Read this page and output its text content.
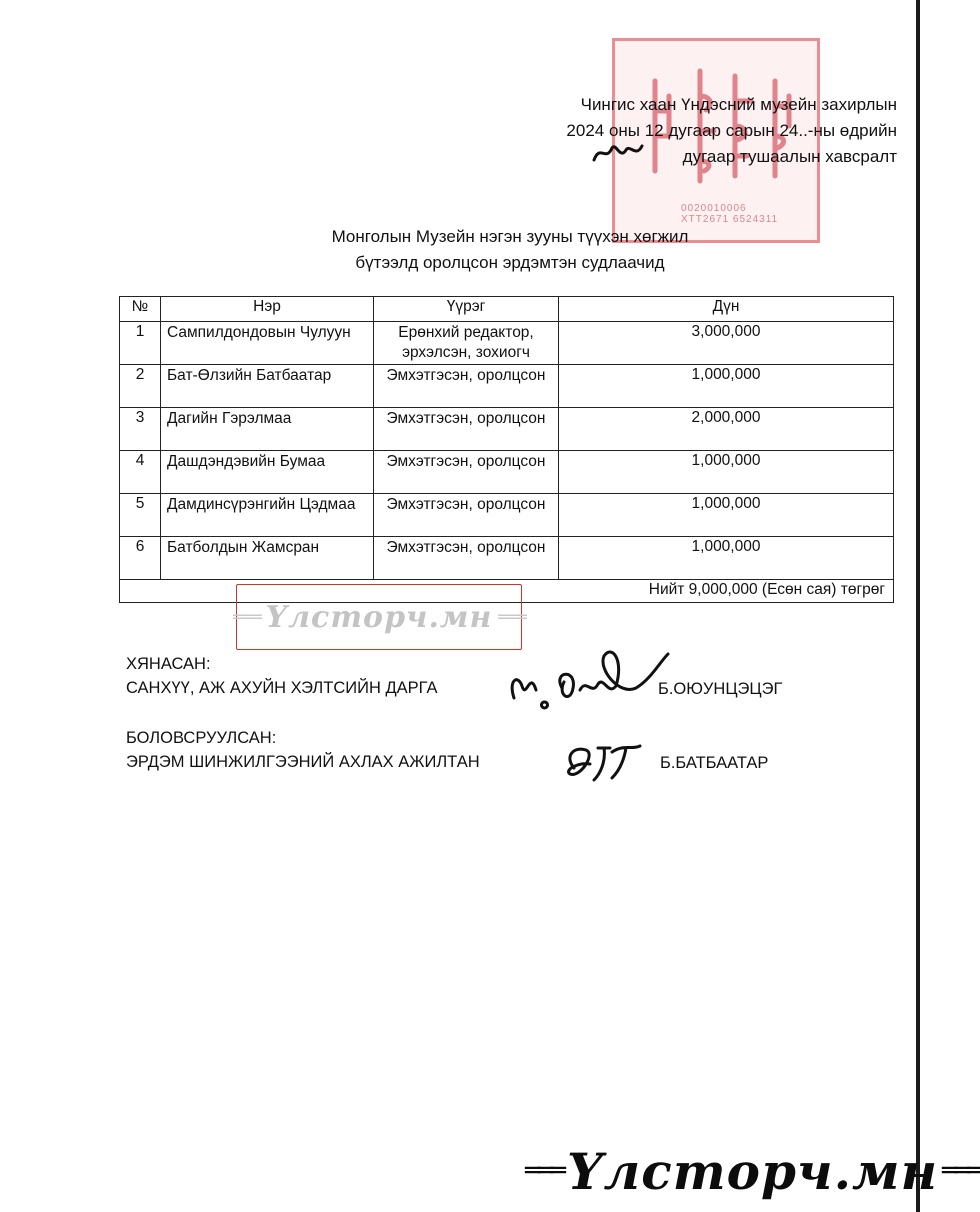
0020010006
ХТТ2671 6524311
Чингис хаан Үндэсний музейн захирлын
2024 оны 12 дугаар сарын 24..-ны өдрийн
дугаар тушаалын хавсралт
Монголын Музейн нэгэн зууны түүхэн хөгжил
бүтээлд оролцсон эрдэмтэн судлаачид
№	Нэр	Үүрэг	Дүн
1	Сампилдондовын Чулуун	Ерөнхий редактор, эрхэлсэн, зохиогч	3,000,000
2	Бат-Өлзийн Батбаатар	Эмхэтгэсэн, оролцсон	1,000,000
3	Дагийн Гэрэлмаа	Эмхэтгэсэн, оролцсон	2,000,000
4	Дашдэндэвийн Бумаа	Эмхэтгэсэн, оролцсон	1,000,000
5	Дамдинсүрэнгийн Цэдмаа	Эмхэтгэсэн, оролцсон	1,000,000
6	Батболдын Жамсран	Эмхэтгэсэн, оролцсон	1,000,000
Нийт 9,000,000 (Есөн сая) төгрөг			
═══ Үлсторч.мн ═══
ХЯНАСАН:
САНХҮҮ, АЖ АХУЙН ХЭЛТСИЙН ДАРГА	Б.ОЮУНЦЭЦЭГ
БОЛОВСРУУЛСАН:
ЭРДЭМ ШИНЖИЛГЭЭНИЙ АХЛАХ АЖИЛТАН	Б.БАТБААТАР
═══ Үлсторч.мн ═══
